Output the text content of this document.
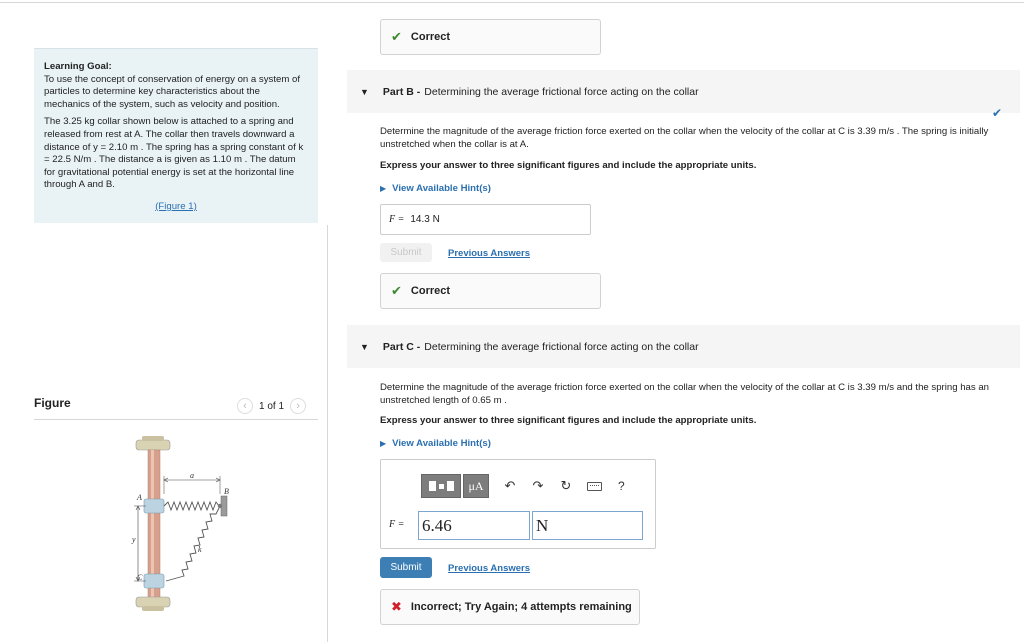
Learning Goal:

To use the concept of conservation of energy on a system of particles to determine key characteristics about the mechanics of the system, such as velocity and position.

The 3.25 kg collar shown below is attached to a spring and released from rest at A. The collar then travels downward a distance of y = 2.10 m . The spring has a spring constant of k = 22.5 N/m . The distance a is given as 1.10 m . The datum for gravitational potential energy is set at the horizontal line through A and B.

(Figure 1)
Figure	‹	1 of 1	›
a
A
B
y
k
C
✔ Correct
▼ Part B - Determining the average frictional force acting on the collar
✔
Determine the magnitude of the average friction force exerted on the collar when the velocity of the collar at C is 3.39 m/s . The spring is initially unstretched when the collar is at A.
Express your answer to three significant figures and include the appropriate units.
▶ View Available Hint(s)
F = 14.3 N
Submit	Previous Answers
✔ Correct
▼ Part C - Determining the average frictional force acting on the collar
Determine the magnitude of the average friction force exerted on the collar when the velocity of the collar at C is 3.39 m/s and the spring has an unstretched length of 0.65 m .
Express your answer to three significant figures and include the appropriate units.
▶ View Available Hint(s)
μA	↶ ↷ ↻	?
F = 6.46	N
Submit	Previous Answers
✖ Incorrect; Try Again; 4 attempts remaining
